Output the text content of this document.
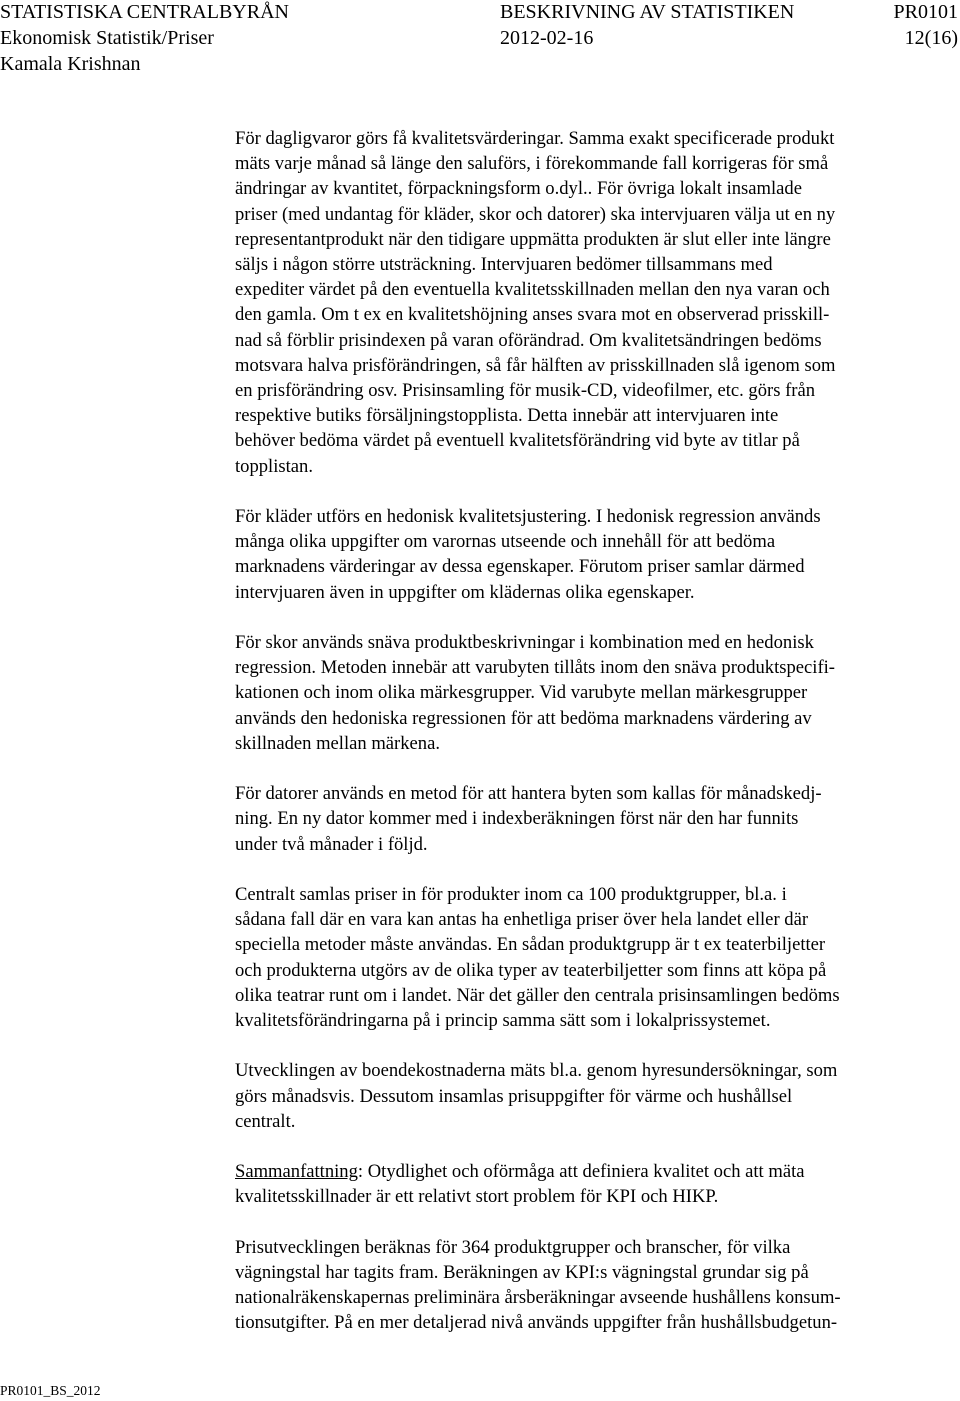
STATISTISKA CENTRALBYRÅN	BESKRIVNING AV STATISTIKEN	PR0101
Ekonomisk Statistik/Priser	2012-02-16	12(16)
Kamala Krishnan

För dagligvaror görs få kvalitetsvärderingar. Samma exakt specificerade produkt
mäts varje månad så länge den saluförs, i förekommande fall korrigeras för små
ändringar av kvantitet, förpackningsform o.dyl.. För övriga lokalt insamlade
priser (med undantag för kläder, skor och datorer) ska intervjuaren välja ut en ny
representantprodukt när den tidigare uppmätta produkten är slut eller inte längre
säljs i någon större utsträckning. Intervjuaren bedömer tillsammans med
expediter värdet på den eventuella kvalitetsskillnaden mellan den nya varan och
den gamla. Om t ex en kvalitetshöjning anses svara mot en observerad prisskill-
nad så förblir prisindexen på varan oförändrad. Om kvalitetsändringen bedöms
motsvara halva prisförändringen, så får hälften av prisskillnaden slå igenom som
en prisförändring osv. Prisinsamling för musik-CD, videofilmer, etc. görs från
respektive butiks försäljningstopplista. Detta innebär att intervjuaren inte
behöver bedöma värdet på eventuell kvalitetsförändring vid byte av titlar på
topplistan.

För kläder utförs en hedonisk kvalitetsjustering. I hedonisk regression används
många olika uppgifter om varornas utseende och innehåll för att bedöma
marknadens värderingar av dessa egenskaper. Förutom priser samlar därmed
intervjuaren även in uppgifter om klädernas olika egenskaper.

För skor används snäva produktbeskrivningar i kombination med en hedonisk
regression. Metoden innebär att varubyten tillåts inom den snäva produktspecifi-
kationen och inom olika märkesgrupper. Vid varubyte mellan märkesgrupper
används den hedoniska regressionen för att bedöma marknadens värdering av
skillnaden mellan märkena.

För datorer används en metod för att hantera byten som kallas för månadskedj-
ning. En ny dator kommer med i indexberäkningen först när den har funnits
under två månader i följd.

Centralt samlas priser in för produkter inom ca 100 produktgrupper, bl.a. i
sådana fall där en vara kan antas ha enhetliga priser över hela landet eller där
speciella metoder måste användas. En sådan produktgrupp är t ex teaterbiljetter
och produkterna utgörs av de olika typer av teaterbiljetter som finns att köpa på
olika teatrar runt om i landet. När det gäller den centrala prisinsamlingen bedöms
kvalitetsförändringarna på i princip samma sätt som i lokalprissystemet.

Utvecklingen av boendekostnaderna mäts bl.a. genom hyresundersökningar, som
görs månadsvis. Dessutom insamlas prisuppgifter för värme och hushållsel
centralt.

Sammanfattning: Otydlighet och oförmåga att definiera kvalitet och att mäta
kvalitetsskillnader är ett relativt stort problem för KPI och HIKP.

Prisutvecklingen beräknas för 364 produktgrupper och branscher, för vilka
vägningstal har tagits fram. Beräkningen av KPI:s vägningstal grundar sig på
nationalräkenskapernas preliminära årsberäkningar avseende hushållens konsum-
tionsutgifter. På en mer detaljerad nivå används uppgifter från hushållsbudgetun-

PR0101_BS_2012
